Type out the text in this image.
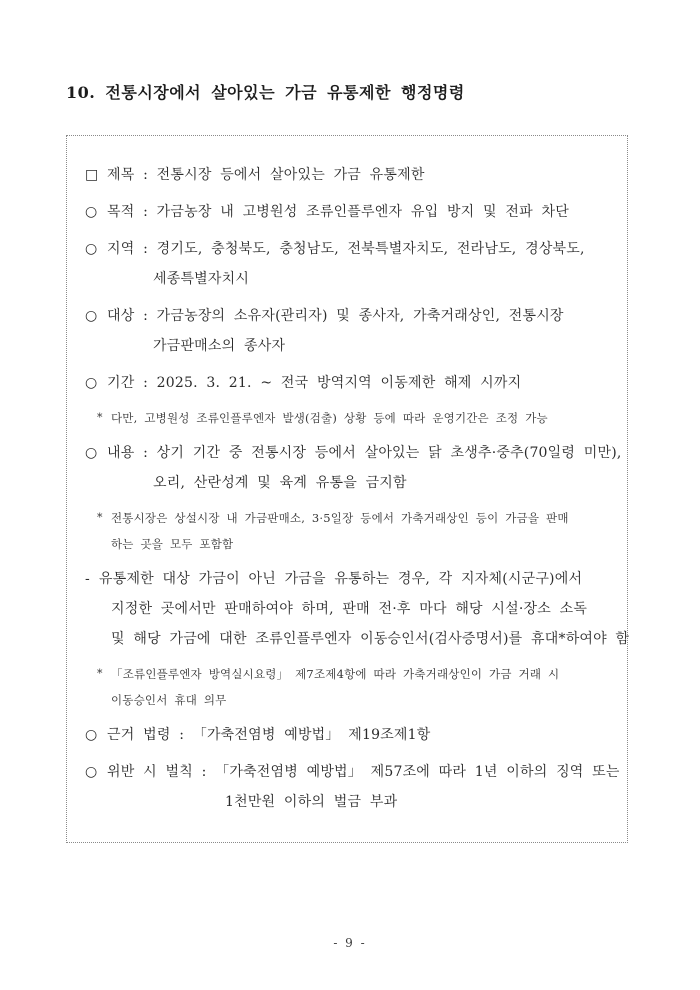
10. 전통시장에서 살아있는 가금 유통제한 행정명령
□ 제목 : 전통시장 등에서 살아있는 가금 유통제한
○ 목적 : 가금농장 내 고병원성 조류인플루엔자 유입 방지 및 전파 차단
○ 지역 : 경기도, 충청북도, 충청남도, 전북특별자치도, 전라남도, 경상북도,
세종특별자치시
○ 대상 : 가금농장의 소유자(관리자) 및 종사자, 가축거래상인, 전통시장
가금판매소의 종사자
○ 기간 : 2025. 3. 21. ~ 전국 방역지역 이동제한 해제 시까지
* 다만, 고병원성 조류인플루엔자 발생(검출) 상황 등에 따라 운영기간은 조정 가능
○ 내용 : 상기 기간 중 전통시장 등에서 살아있는 닭 초생추·중추(70일령 미만),
오리, 산란성계 및 육계 유통을 금지함
* 전통시장은 상설시장 내 가금판매소, 3·5일장 등에서 가축거래상인 등이 가금을 판매
하는 곳을 모두 포함함
- 유통제한 대상 가금이 아닌 가금을 유통하는 경우, 각 지자체(시군구)에서
지정한 곳에서만 판매하여야 하며, 판매 전·후 마다 해당 시설·장소 소독
및 해당 가금에 대한 조류인플루엔자 이동승인서(검사증명서)를 휴대*하여야 함
* 「조류인플루엔자 방역실시요령」 제7조제4항에 따라 가축거래상인이 가금 거래 시
이동승인서 휴대 의무
○ 근거 법령 : 「가축전염병 예방법」 제19조제1항
○ 위반 시 벌칙 : 「가축전염병 예방법」 제57조에 따라 1년 이하의 징역 또는
1천만원 이하의 벌금 부과
- 9 -
